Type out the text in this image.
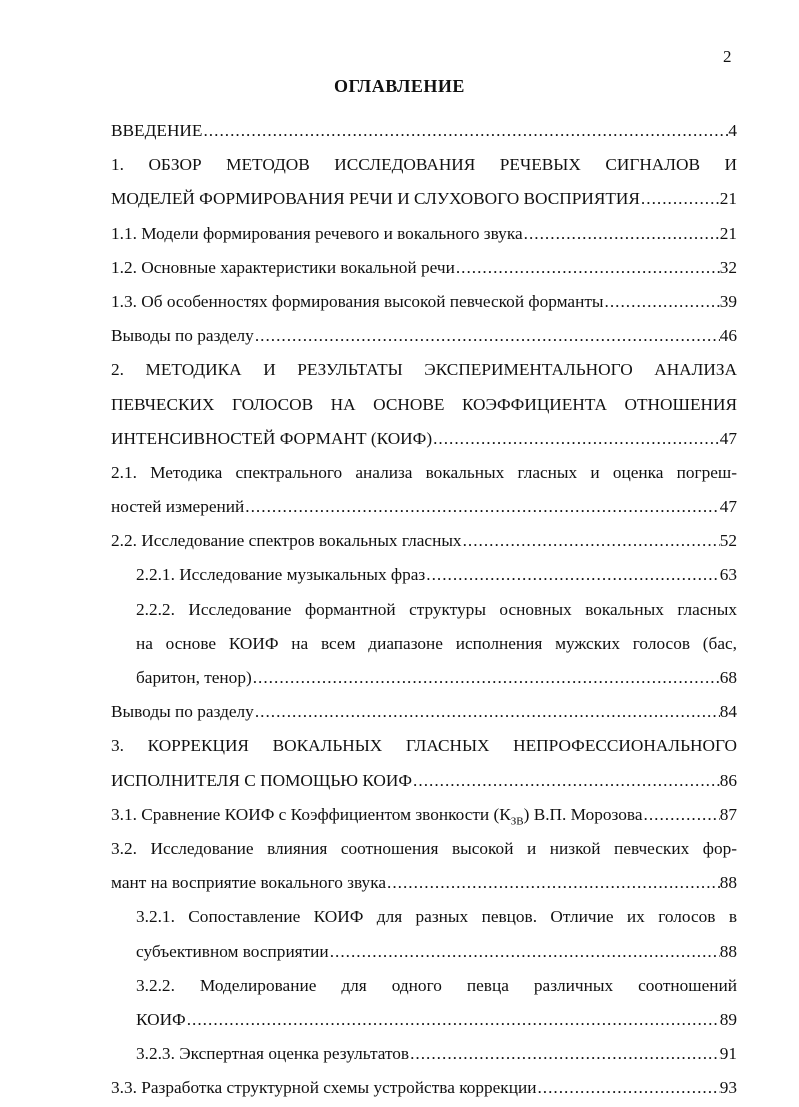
2
ОГЛАВЛЕНИЕ
ВВЕДЕНИЕ .....	4
1. ОБЗОР МЕТОДОВ ИССЛЕДОВАНИЯ РЕЧЕВЫХ СИГНАЛОВ И
МОДЕЛЕЙ ФОРМИРОВАНИЯ РЕЧИ И СЛУХОВОГО ВОСПРИЯТИЯ .....	21
1.1. Модели формирования речевого и вокального звука .....	21
1.2. Основные характеристики вокальной речи .....	32
1.3. Об особенностях формирования высокой певческой форманты .....	39
Выводы по разделу .....	46
2. МЕТОДИКА И РЕЗУЛЬТАТЫ ЭКСПЕРИМЕНТАЛЬНОГО АНАЛИЗА
ПЕВЧЕСКИХ ГОЛОСОВ НА ОСНОВЕ КОЭФФИЦИЕНТА ОТНОШЕНИЯ
ИНТЕНСИВНОСТЕЙ ФОРМАНТ (КОИФ) .....	47
2.1. Методика спектрального анализа вокальных гласных и оценка погреш-
ностей измерений .....	47
2.2. Исследование спектров вокальных гласных .....	52
2.2.1. Исследование музыкальных фраз .....	63
2.2.2. Исследование формантной структуры основных вокальных гласных
на основе КОИФ на всем диапазоне исполнения мужских голосов (бас,
баритон, тенор) .....	68
Выводы по разделу .....	84
3. КОРРЕКЦИЯ ВОКАЛЬНЫХ ГЛАСНЫХ НЕПРОФЕССИОНАЛЬНОГО
ИСПОЛНИТЕЛЯ С ПОМОЩЬЮ КОИФ .....	86
3.1. Сравнение КОИФ с Коэффициентом звонкости $(К_{ЗВ})$ В.П. Морозова .....	87
3.2. Исследование влияния соотношения высокой и низкой певческих фор-
мант на восприятие вокального звука .....	88
3.2.1. Сопоставление КОИФ для разных певцов. Отличие их голосов в
субъективном восприятии .....	88
3.2.2. Моделирование для одного певца различных соотношений
КОИФ .....	89
3.2.3. Экспертная оценка результатов .....	91
3.3. Разработка структурной схемы устройства коррекции .....	93
